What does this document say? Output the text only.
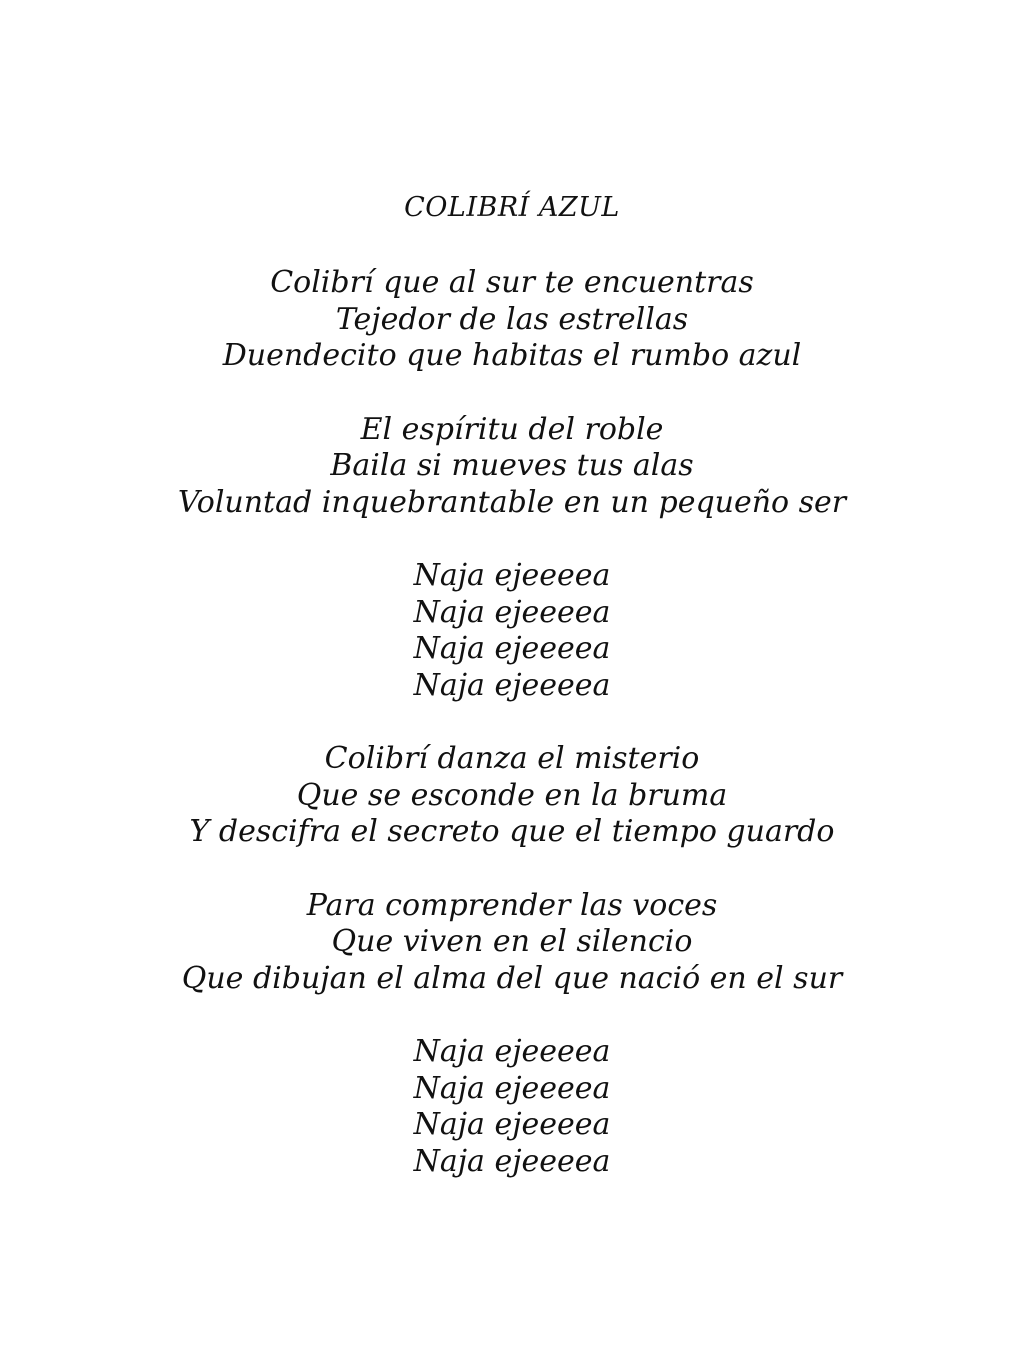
COLIBRÍ AZUL
Colibrí que al sur te encuentras
Tejedor de las estrellas
Duendecito que habitas el rumbo azul
El espíritu del roble
Baila si mueves tus alas
Voluntad inquebrantable en un pequeño ser
Naja ejeeeea
Naja ejeeeea
Naja ejeeeea
Naja ejeeeea
Colibrí danza el misterio
Que se esconde en la bruma
Y descifra el secreto que el tiempo guardo
Para comprender las voces
Que viven en el silencio
Que dibujan el alma del que nació en el sur
Naja ejeeeea
Naja ejeeeea
Naja ejeeeea
Naja ejeeeea
